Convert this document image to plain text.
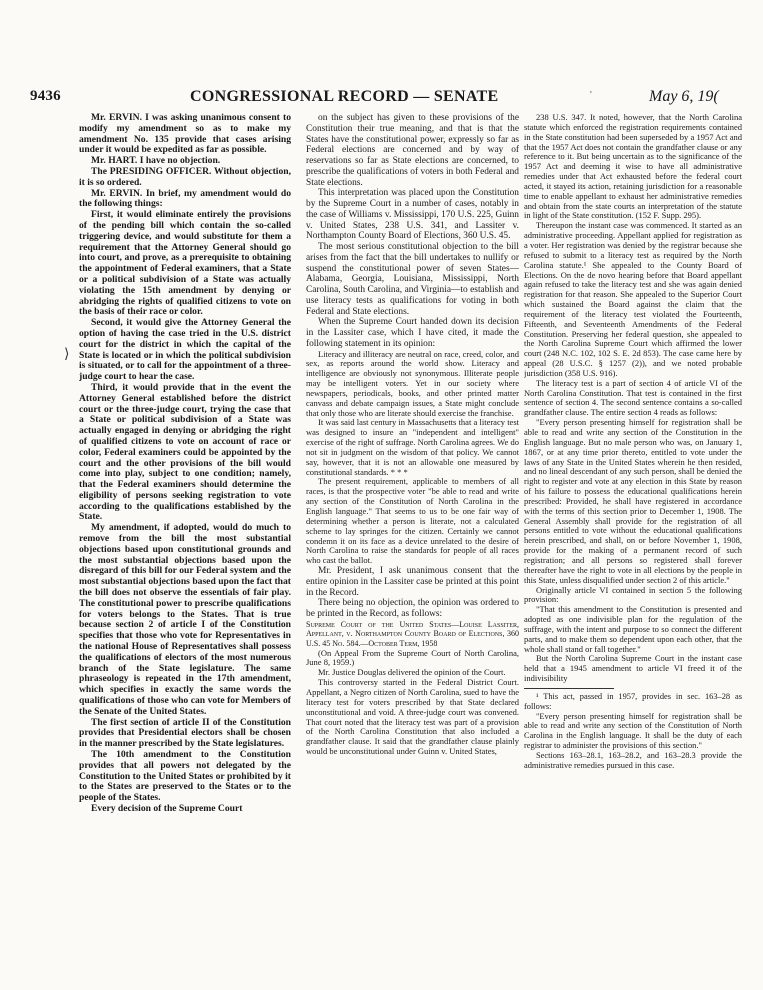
9436	CONGRESSIONAL RECORD — SENATE	May 6, 19(
'
⟩

Mr. ERVIN. I was asking unanimous consent to modify my amendment so as to make my amendment No. 135 provide that cases arising under it would be expedited as far as possible.

Mr. HART. I have no objection.

The PRESIDING OFFICER. Without objection, it is so ordered.

Mr. ERVIN. In brief, my amendment would do the following things:

First, it would eliminate entirely the provisions of the pending bill which contain the so-called triggering device, and would substitute for them a requirement that the Attorney General should go into court, and prove, as a prerequisite to obtaining the appointment of Federal examiners, that a State or a political subdivision of a State was actually violating the 15th amendment by denying or abridging the rights of qualified citizens to vote on the basis of their race or color.

Second, it would give the Attorney General the option of having the case tried in the U.S. district court for the district in which the capital of the State is located or in which the political subdivision is situated, or to call for the appointment of a three-judge court to hear the case.

Third, it would provide that in the event the Attorney General established before the district court or the three-judge court, trying the case that a State or political subdivision of a State was actually engaged in denying or abridging the right of qualified citizens to vote on account of race or color, Federal examiners could be appointed by the court and the other provisions of the bill would come into play, subject to one condition; namely, that the Federal examiners should determine the eligibility of persons seeking registration to vote according to the qualifications established by the State.

My amendment, if adopted, would do much to remove from the bill the most substantial objections based upon constitutional grounds and the most substantial objections based upon the disregard of this bill for our Federal system and the most substantial objections based upon the fact that the bill does not observe the essentials of fair play. The constitutional power to prescribe qualifications for voters belongs to the States. That is true because section 2 of article I of the Constitution specifies that those who vote for Representatives in the national House of Representatives shall possess the qualifications of electors of the most numerous branch of the State legislature. The same phraseology is repeated in the 17th amendment, which specifies in exactly the same words the qualifications of those who can vote for Members of the Senate of the United States.

The first section of article II of the Constitution provides that Presidential electors shall be chosen in the manner prescribed by the State legislatures.

The 10th amendment to the Constitution provides that all powers not delegated by the Constitution to the United States or prohibited by it to the States are preserved to the States or to the people of the States.

Every decision of the Supreme Court

on the subject has given to these provisions of the Constitution their true meaning, and that is that the States have the constitutional power, expressly so far as Federal elections are concerned and by way of reservations so far as State elections are concerned, to prescribe the qualifications of voters in both Federal and State elections.

This interpretation was placed upon the Constitution by the Supreme Court in a number of cases, notably in the case of Williams v. Mississippi, 170 U.S. 225, Guinn v. United States, 238 U.S. 341, and Lassiter v. Northampton County Board of Elections, 360 U.S. 45.

The most serious constitutional objection to the bill arises from the fact that the bill undertakes to nullify or suspend the constitutional power of seven States—Alabama, Georgia, Louisiana, Mississippi, North Carolina, South Carolina, and Virginia—to establish and use literacy tests as qualifications for voting in both Federal and State elections.

When the Supreme Court handed down its decision in the Lassiter case, which I have cited, it made the following statement in its opinion:

Literacy and illiteracy are neutral on race, creed, color, and sex, as reports around the world show. Literacy and intelligence are obviously not synonymous. Illiterate people may be intelligent voters. Yet in our society where newspapers, periodicals, books, and other printed matter canvass and debate campaign issues, a State might conclude that only those who are literate should exercise the franchise.

It was said last century in Massachusetts that a literacy test was designed to insure an "independent and intelligent" exercise of the right of suffrage. North Carolina agrees. We do not sit in judgment on the wisdom of that policy. We cannot say, however, that it is not an allowable one measured by constitutional standards. * * *

The present requirement, applicable to members of all races, is that the prospective voter "be able to read and write any section of the Constitution of North Carolina in the English language." That seems to us to be one fair way of determining whether a person is literate, not a calculated scheme to lay springes for the citizen. Certainly we cannot condemn it on its face as a device unrelated to the desire of North Carolina to raise the standards for people of all races who cast the ballot.

Mr. President, I ask unanimous consent that the entire opinion in the Lassiter case be printed at this point in the Record.

There being no objection, the opinion was ordered to be printed in the Record, as follows:

Supreme Court of the United States—Louise Lassiter, Appellant, v. Northampton County Board of Elections, 360 U.S. 45 No. 584.—October Term, 1958

(On Appeal From the Supreme Court of North Carolina, June 8, 1959.)

Mr. Justice Douglas delivered the opinion of the Court.

This controversy started in the Federal District Court. Appellant, a Negro citizen of North Carolina, sued to have the literacy test for voters prescribed by that State declared unconstitutional and void. A three-judge court was convened. That court noted that the literacy test was part of a provision of the North Carolina Constitution that also included a grandfather clause. It said that the grandfather clause plainly would be unconstitutional under Guinn v. United States,

238 U.S. 347. It noted, however, that the North Carolina statute which enforced the registration requirements contained in the State constitution had been superseded by a 1957 Act and that the 1957 Act does not contain the grandfather clause or any reference to it. But being uncertain as to the significance of the 1957 Act and deeming it wise to have all administrative remedies under that Act exhausted before the federal court acted, it stayed its action, retaining jurisdiction for a reasonable time to enable appellant to exhaust her administrative remedies and obtain from the state courts an interpretation of the statute in light of the State constitution. (152 F. Supp. 295).

Thereupon the instant case was commenced. It started as an administrative proceeding. Appellant applied for registration as a voter. Her registration was denied by the registrar because she refused to submit to a literacy test as required by the North Carolina statute.¹ She appealed to the County Board of Elections. On the de novo hearing before that Board appellant again refused to take the literacy test and she was again denied registration for that reason. She appealed to the Superior Court which sustained the Board against the claim that the requirement of the literacy test violated the Fourteenth, Fifteenth, and Seventeenth Amendments of the Federal Constitution. Preserving her federal question, she appealed to the North Carolina Supreme Court which affirmed the lower court (248 N.C. 102, 102 S. E. 2d 853). The case came here by appeal (28 U.S.C. § 1257 (2)), and we noted probable jurisdiction (358 U.S. 916).

The literacy test is a part of section 4 of article VI of the North Carolina Constitution. That test is contained in the first sentence of section 4. The second sentence contains a so-called grandfather clause. The entire section 4 reads as follows:

"Every person presenting himself for registration shall be able to read and write any section of the Constitution in the English language. But no male person who was, on January 1, 1867, or at any time prior thereto, entitled to vote under the laws of any State in the United States wherein he then resided, and no lineal descendant of any such person, shall be denied the right to register and vote at any election in this State by reason of his failure to possess the educational qualifications herein prescribed: Provided, he shall have registered in accordance with the terms of this section prior to December 1, 1908. The General Assembly shall provide for the registration of all persons entitled to vote without the educational qualifications herein prescribed, and shall, on or before November 1, 1908, provide for the making of a permanent record of such registration; and all persons so registered shall forever thereafter have the right to vote in all elections by the people in this State, unless disqualified under section 2 of this article."

Originally article VI contained in section 5 the following provision:

"That this amendment to the Constitution is presented and adopted as one indivisible plan for the regulation of the suffrage, with the intent and purpose to so connect the different parts, and to make them so dependent upon each other, that the whole shall stand or fall together."

But the North Carolina Supreme Court in the instant case held that a 1945 amendment to article VI freed it of the indivisibility

¹ This act, passed in 1957, provides in sec. 163–28 as follows:

"Every person presenting himself for registration shall be able to read and write any section of the Constitution of North Carolina in the English language. It shall be the duty of each registrar to administer the provisions of this section."

Sections 163–28.1, 163–28.2, and 163–28.3 provide the administrative remedies pursued in this case.
